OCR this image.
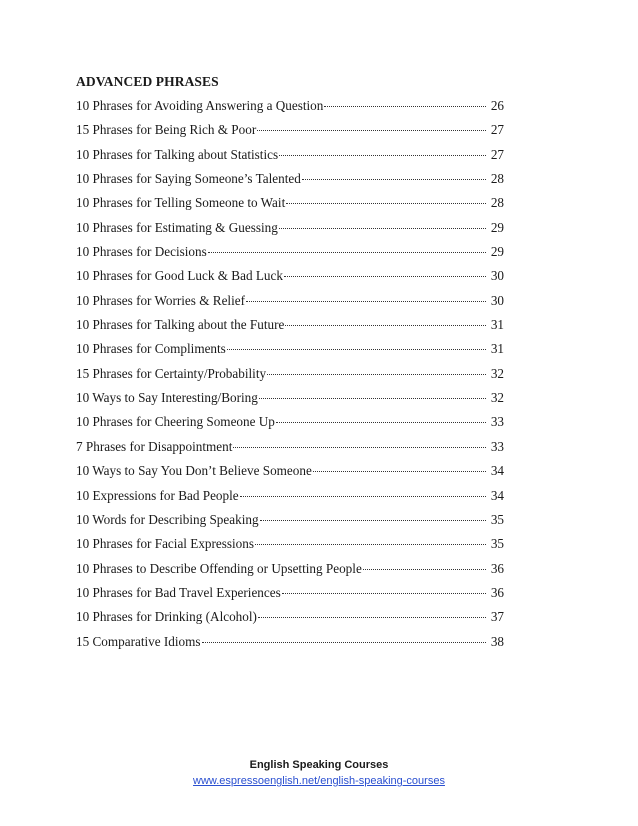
ADVANCED PHRASES
10 Phrases for Avoiding Answering a Question	26
15 Phrases for Being Rich & Poor	27
10 Phrases for Talking about Statistics	27
10 Phrases for Saying Someone’s Talented	28
10 Phrases for Telling Someone to Wait	28
10 Phrases for Estimating & Guessing	29
10 Phrases for Decisions	29
10 Phrases for Good Luck & Bad Luck	30
10 Phrases for Worries & Relief	30
10 Phrases for Talking about the Future	31
10 Phrases for Compliments	31
15 Phrases for Certainty/Probability	32
10 Ways to Say Interesting/Boring	32
10 Phrases for Cheering Someone Up	33
7 Phrases for Disappointment	33
10 Ways to Say You Don’t Believe Someone	34
10 Expressions for Bad People	34
10 Words for Describing Speaking	35
10 Phrases for Facial Expressions	35
10 Phrases to Describe Offending or Upsetting People	36
10 Phrases for Bad Travel Experiences	36
10 Phrases for Drinking (Alcohol)	37
15 Comparative Idioms	38
English Speaking Courses
www.espressoenglish.net/english-speaking-courses
